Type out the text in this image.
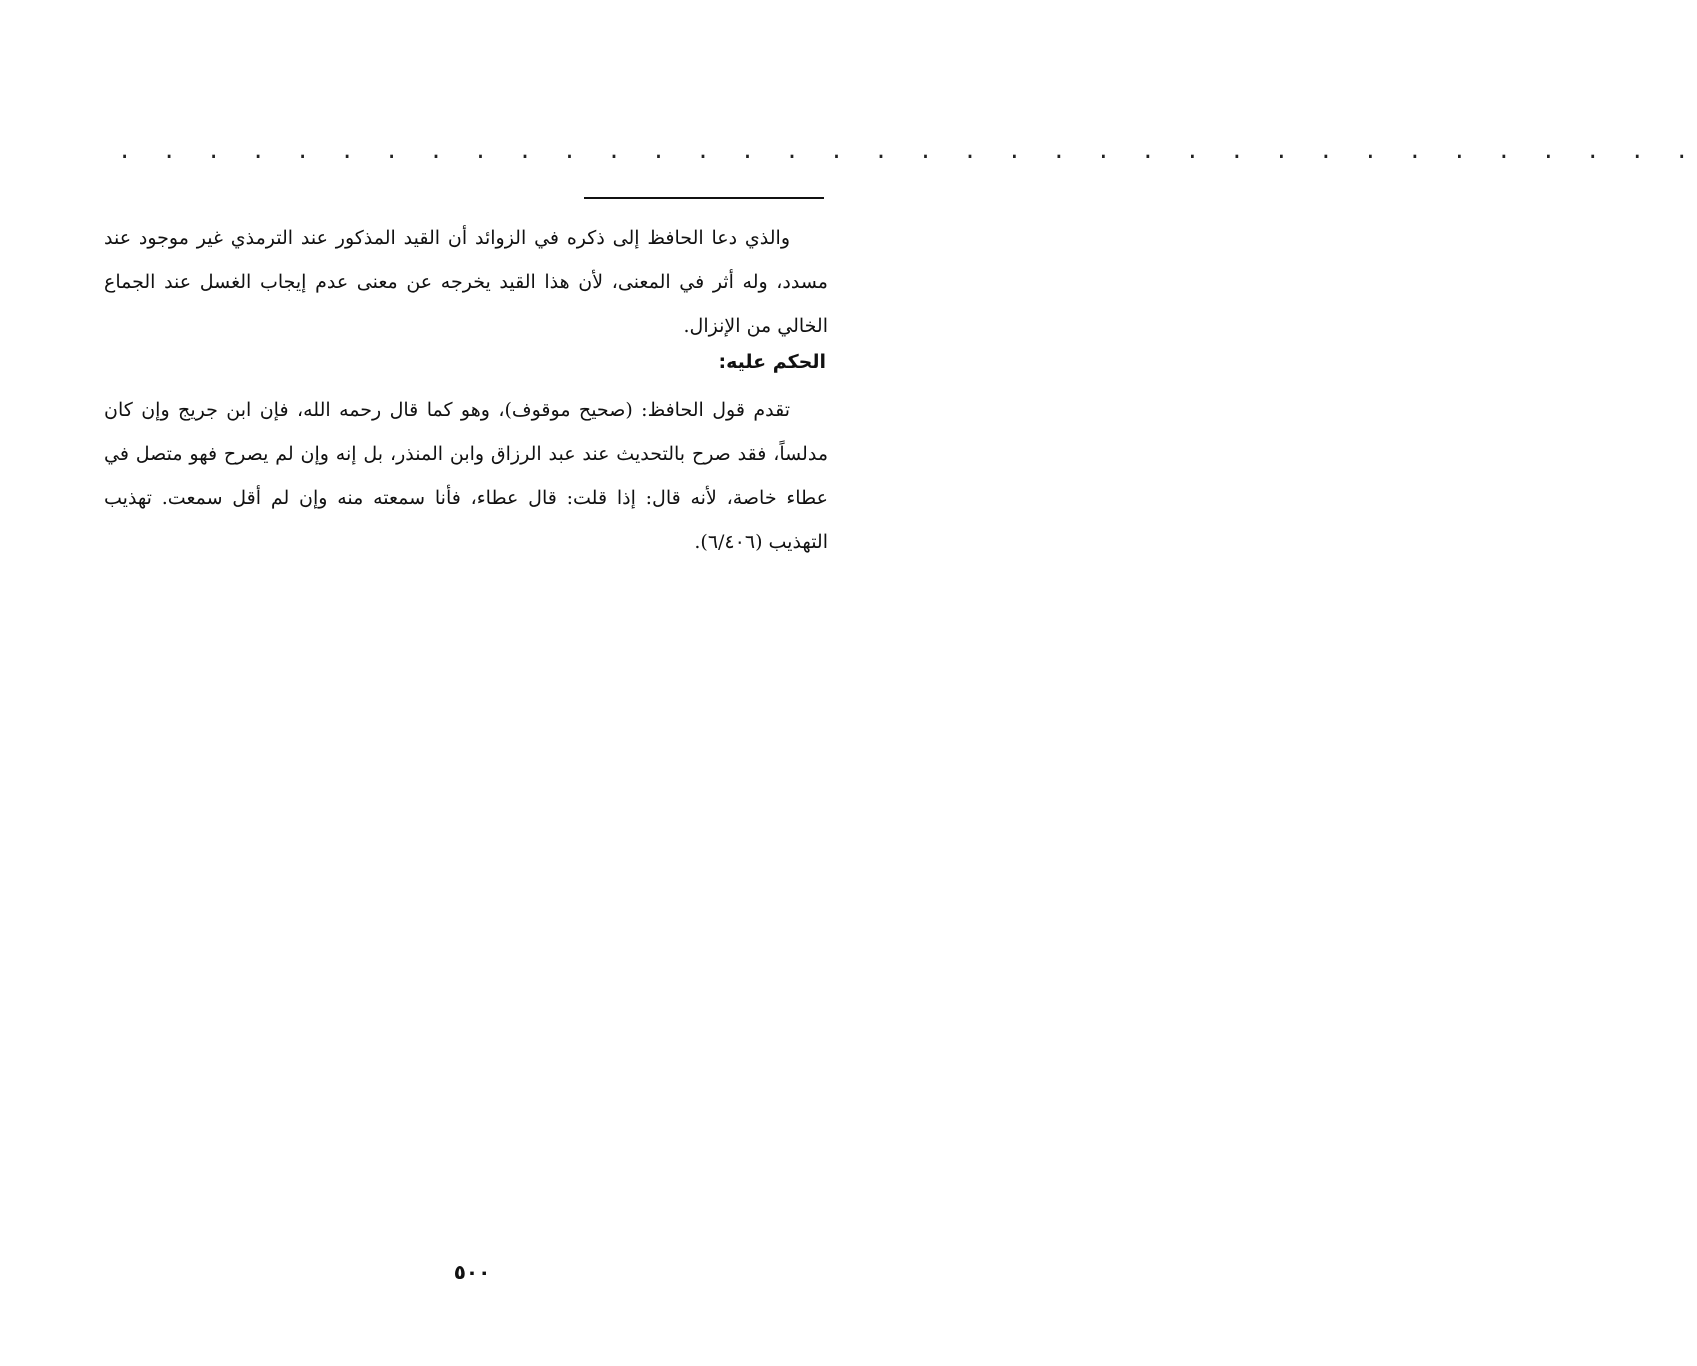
. . . . . . . . . . . . . . . . . . . . . . . . . . . . . . . . . . . .

والذي دعا الحافظ إلى ذكره في الزوائد أن القيد المذكور عند الترمذي غير موجود عند مسدد، وله أثر في المعنى، لأن هذا القيد يخرجه عن معنى عدم إيجاب الغسل عند الجماع الخالي من الإنزال.

الحكم عليه:

تقدم قول الحافظ: (صحيح موقوف)، وهو كما قال رحمه الله، فإن ابن جريج وإن كان مدلساً، فقد صرح بالتحديث عند عبد الرزاق وابن المنذر، بل إنه وإن لم يصرح فهو متصل في عطاء خاصة، لأنه قال: إذا قلت: قال عطاء، فأنا سمعته منه وإن لم أقل سمعت. تهذيب التهذيب (٦/٤٠٦).

٥٠٠
